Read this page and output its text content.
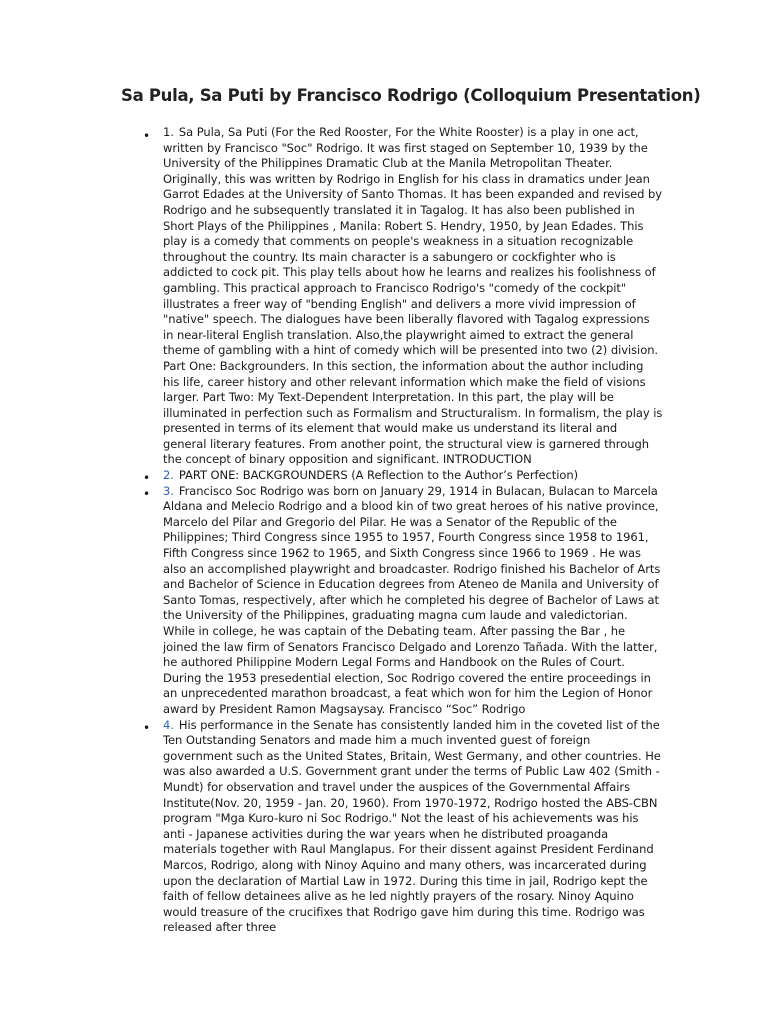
Sa Pula, Sa Puti by Francisco Rodrigo (Colloquium Presentation)
• 1. Sa Pula, Sa Puti (For the Red Rooster, For the White Rooster) is a play in one act, written by Francisco "Soc" Rodrigo. It was first staged on September 10, 1939 by the University of the Philippines Dramatic Club at the Manila Metropolitan Theater. Originally, this was written by Rodrigo in English for his class in dramatics under Jean Garrot Edades at the University of Santo Thomas. It has been expanded and revised by Rodrigo and he subsequently translated it in Tagalog. It has also been published in Short Plays of the Philippines , Manila: Robert S. Hendry, 1950, by Jean Edades. This play is a comedy that comments on people's weakness in a situation recognizable throughout the country. Its main character is a sabungero or cockfighter who is addicted to cock pit. This play tells about how he learns and realizes his foolishness of gambling. This practical approach to Francisco Rodrigo's "comedy of the cockpit" illustrates a freer way of "bending English" and delivers a more vivid impression of "native" speech. The dialogues have been liberally flavored with Tagalog expressions in near-literal English translation. Also,the playwright aimed to extract the general theme of gambling with a hint of comedy which will be presented into two (2) division. Part One: Backgrounders. In this section, the information about the author including his life, career history and other relevant information which make the field of visions larger. Part Two: My Text-Dependent Interpretation. In this part, the play will be illuminated in perfection such as Formalism and Structuralism. In formalism, the play is presented in terms of its element that would make us understand its literal and general literary features. From another point, the structural view is garnered through the concept of binary opposition and significant. INTRODUCTION
• 2. PART ONE: BACKGROUNDERS (A Reflection to the Author’s Perfection)
• 3. Francisco Soc Rodrigo was born on January 29, 1914 in Bulacan, Bulacan to Marcela Aldana and Melecio Rodrigo and a blood kin of two great heroes of his native province, Marcelo del Pilar and Gregorio del Pilar. He was a Senator of the Republic of the Philippines; Third Congress since 1955 to 1957, Fourth Congress since 1958 to 1961, Fifth Congress since 1962 to 1965, and Sixth Congress since 1966 to 1969 . He was also an accomplished playwright and broadcaster. Rodrigo finished his Bachelor of Arts and Bachelor of Science in Education degrees from Ateneo de Manila and University of Santo Tomas, respectively, after which he completed his degree of Bachelor of Laws at the University of the Philippines, graduating magna cum laude and valedictorian. While in college, he was captain of the Debating team. After passing the Bar , he joined the law firm of Senators Francisco Delgado and Lorenzo Tañada. With the latter, he authored Philippine Modern Legal Forms and Handbook on the Rules of Court. During the 1953 presedential election, Soc Rodrigo covered the entire proceedings in an unprecedented marathon broadcast, a feat which won for him the Legion of Honor award by President Ramon Magsaysay. Francisco “Soc” Rodrigo
• 4. His performance in the Senate has consistently landed him in the coveted list of the Ten Outstanding Senators and made him a much invented guest of foreign government such as the United States, Britain, West Germany, and other countries. He was also awarded a U.S. Government grant under the terms of Public Law 402 (Smith - Mundt) for observation and travel under the auspices of the Governmental Affairs Institute(Nov. 20, 1959 - Jan. 20, 1960). From 1970-1972, Rodrigo hosted the ABS-CBN program "Mga Kuro-kuro ni Soc Rodrigo." Not the least of his achievements was his anti - Japanese activities during the war years when he distributed proaganda materials together with Raul Manglapus. For their dissent against President Ferdinand Marcos, Rodrigo, along with Ninoy Aquino and many others, was incarcerated during upon the declaration of Martial Law in 1972. During this time in jail, Rodrigo kept the faith of fellow detainees alive as he led nightly prayers of the rosary. Ninoy Aquino would treasure of the crucifixes that Rodrigo gave him during this time. Rodrigo was released after three
